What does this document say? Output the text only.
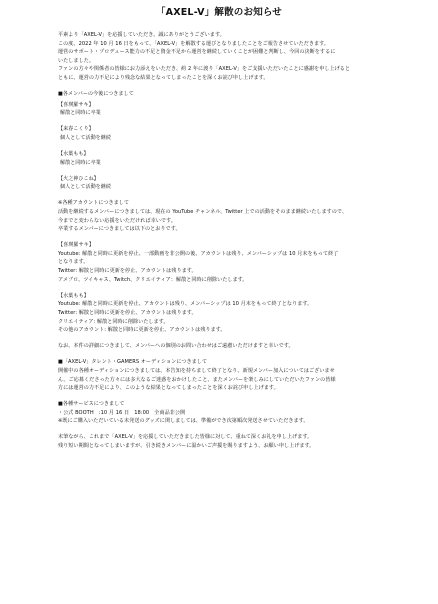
「AXEL-V」解散のお知らせ
平素より「AXEL-V」を応援していただき、誠にありがとうございます。
この度、2022 年 10 月 16 日をもって、「AXEL-V」を解散する運びとなりましたことをご報告させていただきます。
運営のサポート・プロデュース能力の不足と資金不足から運営を継続していくことが困難と判断し、今回の決断をするに
いたしました。
ファンの方々や関係者の皆様にお力添えをいただき、約 2 年に渡り「AXEL-V」をご支援いただいたことに感謝を申し上げると
ともに、運営の力不足により残念な結果となってしまったことを深くお詫び申し上げます。
■各メンバーの今後につきまして
【喜瑛羅サキ】
解散と同時に卒業
【来春こくり】
個人として活動を継続
【水葉もも】
解散と同時に卒業
【火之神ひこね】
個人として活動を継続
※各種アカウントにつきまして
活動を継続するメンバーにつきましては、現在の YouTube チャンネル、Twitter 上での活動をそのまま継続いたしますので、
今までと変わらない応援をいただければ幸いです。
卒業するメンバーにつきましては以下のとおりです。
【喜瑛羅サキ】
Youtube: 解散と同時に更新を停止、一部動画を非公開の後、アカウントは残り、メンバーシップは 10 月末をもって終了
となります。
Twitter: 解散と同時に更新を停止、アカウントは残ります。
アメブロ、ツイキャス、Twitch、クリエイティア：解散と同時に削除いたします。
【水葉もも】
Youtube: 解散と同時に更新を停止、アカウントは残り、メンバーシップは 10 月末をもって終了となります。
Twitter: 解散と同時に更新を停止、アカウントは残ります。
クリエイティア: 解散と同時に削除いたします。
その他のアカウント: 解散と同時に更新を停止、アカウントは残ります。
なお、本件の詳細につきまして、メンバーへの個別のお問い合わせはご遠慮いただけますと幸いです。
■「AXEL-V」タレント・GAMERS オーディションにつきまして
開催中の各種オーディションにつきましては、本告知を持ちまして終了となり、新規メンバー加入についてはございませ
ん。ご応募くださった方々には多大なるご迷惑をおかけしたこと、またメンバーを楽しみにしていただいたファンの皆様
方には運営の力不足により、このような結果となってしまったことを深くお詫び申し上げます。
■各種サービスにつきまして
・公式 BOOTH　:10 月 16 日　18:00　全商品非公開
※既にご購入いただいている未発送のグッズに関しましては、準備ができ次第順次発送させていただきます。
末筆ながら、これまで「AXEL-V」を応援していただきました皆様に対して、重ねて深くお礼を申し上げます。
残り短い期間となってしまいますが、引き続きメンバーに温かいご声援を賜りますよう、お願い申し上げます。
